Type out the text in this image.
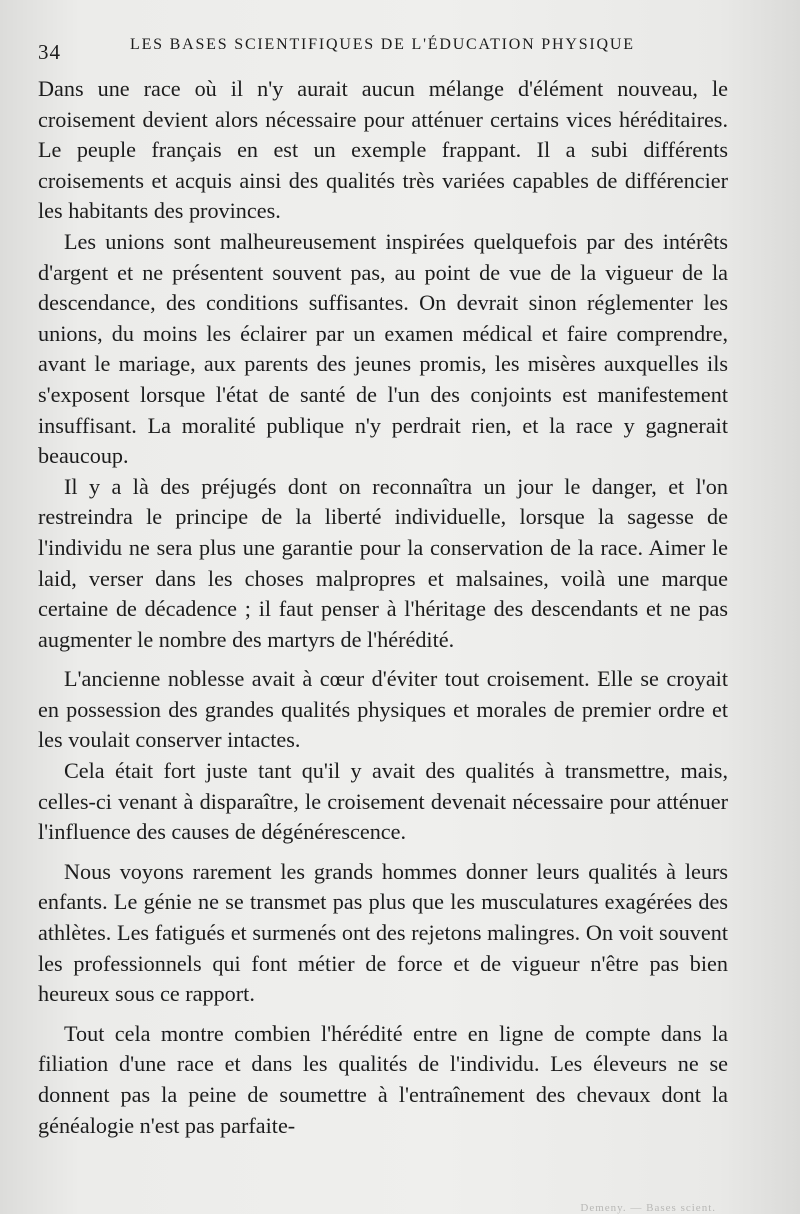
34	LES BASES SCIENTIFIQUES DE L'ÉDUCATION PHYSIQUE

Dans une race où il n'y aurait aucun mélange d'élément nouveau, le croisement devient alors nécessaire pour atténuer certains vices héréditaires. Le peuple français en est un exemple frappant. Il a subi différents croisements et acquis ainsi des qualités très variées capables de différencier les habitants des provinces.

Les unions sont malheureusement inspirées quelquefois par des intérêts d'argent et ne présentent souvent pas, au point de vue de la vigueur de la descendance, des conditions suffisantes. On devrait sinon réglementer les unions, du moins les éclairer par un examen médical et faire comprendre, avant le mariage, aux parents des jeunes promis, les misères auxquelles ils s'exposent lorsque l'état de santé de l'un des conjoints est manifestement insuffisant. La moralité publique n'y perdrait rien, et la race y gagnerait beaucoup.

Il y a là des préjugés dont on reconnaîtra un jour le danger, et l'on restreindra le principe de la liberté individuelle, lorsque la sagesse de l'individu ne sera plus une garantie pour la conservation de la race. Aimer le laid, verser dans les choses malpropres et malsaines, voilà une marque certaine de décadence ; il faut penser à l'héritage des descendants et ne pas augmenter le nombre des martyrs de l'hérédité.

L'ancienne noblesse avait à cœur d'éviter tout croisement. Elle se croyait en possession des grandes qualités physiques et morales de premier ordre et les voulait conserver intactes.

Cela était fort juste tant qu'il y avait des qualités à transmettre, mais, celles-ci venant à disparaître, le croisement devenait nécessaire pour atténuer l'influence des causes de dégénérescence.

Nous voyons rarement les grands hommes donner leurs qualités à leurs enfants. Le génie ne se transmet pas plus que les musculatures exagérées des athlètes. Les fatigués et surmenés ont des rejetons malingres. On voit souvent les professionnels qui font métier de force et de vigueur n'être pas bien heureux sous ce rapport.

Tout cela montre combien l'hérédité entre en ligne de compte dans la filiation d'une race et dans les qualités de l'individu. Les éleveurs ne se donnent pas la peine de soumettre à l'entraînement des chevaux dont la généalogie n'est pas parfaite-

Demeny. — Bases scient.
